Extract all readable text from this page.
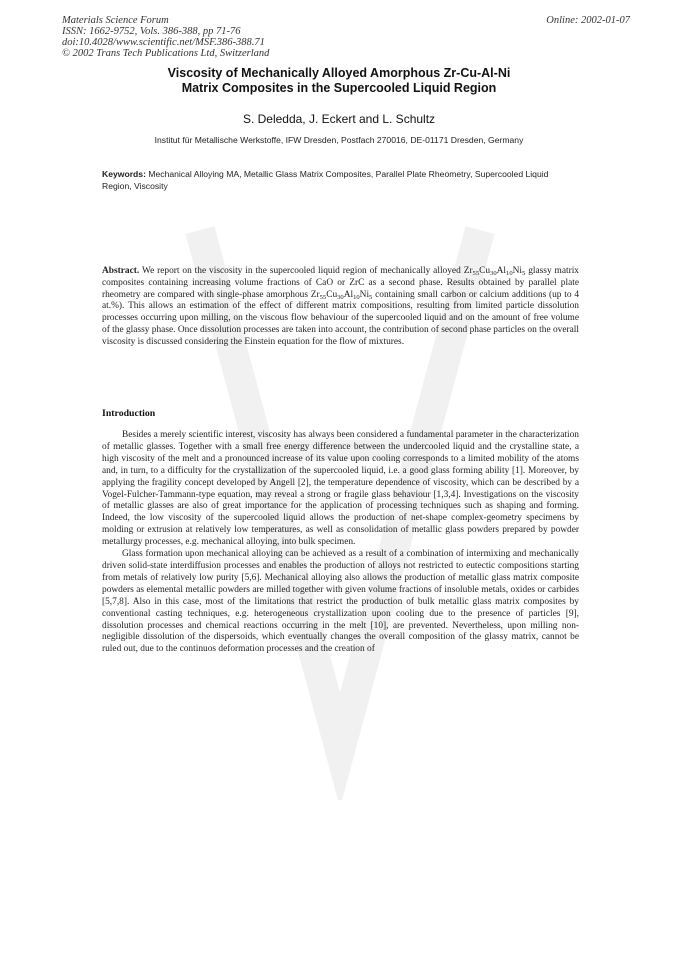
Materials Science Forum
ISSN: 1662-9752, Vols. 386-388, pp 71-76
doi:10.4028/www.scientific.net/MSF.386-388.71
© 2002 Trans Tech Publications Ltd, Switzerland
Online: 2002-01-07
Viscosity of Mechanically Alloyed Amorphous Zr-Cu-Al-Ni
Matrix Composites in the Supercooled Liquid Region
S. Deledda, J. Eckert and L. Schultz
Institut für Metallische Werkstoffe, IFW Dresden, Postfach 270016, DE-01171 Dresden, Germany
Keywords: Mechanical Alloying MA, Metallic Glass Matrix Composites, Parallel Plate Rheometry, Supercooled Liquid Region, Viscosity
Abstract. We report on the viscosity in the supercooled liquid region of mechanically alloyed $Zr_{55}Cu_{30}Al_{10}Ni_5$ glassy matrix composites containing increasing volume fractions of CaO or ZrC as a second phase. Results obtained by parallel plate rheometry are compared with single-phase amorphous $Zr_{55}Cu_{30}Al_{10}Ni_5$ containing small carbon or calcium additions (up to 4 at.%). This allows an estimation of the effect of different matrix compositions, resulting from limited particle dissolution processes occurring upon milling, on the viscous flow behaviour of the supercooled liquid and on the amount of free volume of the glassy phase. Once dissolution processes are taken into account, the contribution of second phase particles on the overall viscosity is discussed considering the Einstein equation for the flow of mixtures.
Introduction

Besides a merely scientific interest, viscosity has always been considered a fundamental parameter in the characterization of metallic glasses. Together with a small free energy difference between the undercooled liquid and the crystalline state, a high viscosity of the melt and a pronounced increase of its value upon cooling corresponds to a limited mobility of the atoms and, in turn, to a difficulty for the crystallization of the supercooled liquid, i.e. a good glass forming ability [1]. Moreover, by applying the fragility concept developed by Angell [2], the temperature dependence of viscosity, which can be described by a Vogel-Fulcher-Tammann-type equation, may reveal a strong or fragile glass behaviour [1,3,4]. Investigations on the viscosity of metallic glasses are also of great importance for the application of processing techniques such as shaping and forming. Indeed, the low viscosity of the supercooled liquid allows the production of net-shape complex-geometry specimens by molding or extrusion at relatively low temperatures, as well as consolidation of metallic glass powders prepared by powder metallurgy processes, e.g. mechanical alloying, into bulk specimen.

Glass formation upon mechanical alloying can be achieved as a result of a combination of intermixing and mechanically driven solid-state interdiffusion processes and enables the production of alloys not restricted to eutectic compositions starting from metals of relatively low purity [5,6]. Mechanical alloying also allows the production of metallic glass matrix composite powders as elemental metallic powders are milled together with given volume fractions of insoluble metals, oxides or carbides [5,7,8]. Also in this case, most of the limitations that restrict the production of bulk metallic glass matrix composites by conventional casting techniques, e.g. heterogeneous crystallization upon cooling due to the presence of particles [9], dissolution processes and chemical reactions occurring in the melt [10], are prevented. Nevertheless, upon milling non-negligible dissolution of the dispersoids, which eventually changes the overall composition of the glassy matrix, cannot be ruled out, due to the continuos deformation processes and the creation of
